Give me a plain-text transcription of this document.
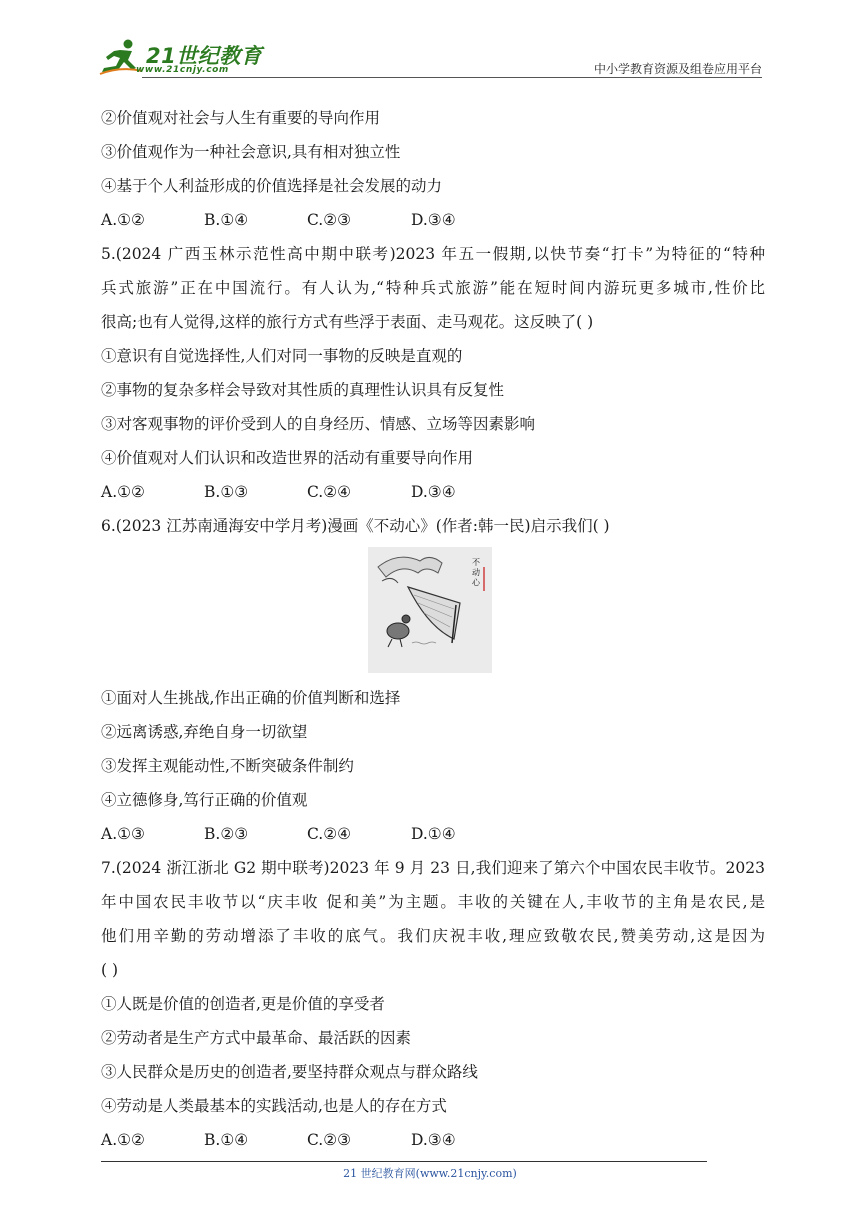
21世纪教育
www.21cnjy.com	中小学教育资源及组卷应用平台
②价值观对社会与人生有重要的导向作用
③价值观作为一种社会意识,具有相对独立性
④基于个人利益形成的价值选择是社会发展的动力
A.①②	B.①④	C.②③	D.③④
5.(2024 广西玉林示范性高中期中联考)2023 年五一假期,以快节奏“打卡”为特征的“特种
兵式旅游”正在中国流行。有人认为,“特种兵式旅游”能在短时间内游玩更多城市,性价比
很高;也有人觉得,这样的旅行方式有些浮于表面、走马观花。这反映了( )
①意识有自觉选择性,人们对同一事物的反映是直观的
②事物的复杂多样会导致对其性质的真理性认识具有反复性
③对客观事物的评价受到人的自身经历、情感、立场等因素影响
④价值观对人们认识和改造世界的活动有重要导向作用
A.①②	B.①③	C.②④	D.③④
6.(2023 江苏南通海安中学月考)漫画《不动心》(作者:韩一民)启示我们( )
不
动
心
①面对人生挑战,作出正确的价值判断和选择
②远离诱惑,弃绝自身一切欲望
③发挥主观能动性,不断突破条件制约
④立德修身,笃行正确的价值观
A.①③	B.②③	C.②④	D.①④
7.(2024 浙江浙北 G2 期中联考)2023 年 9 月 23 日,我们迎来了第六个中国农民丰收节。2023
年中国农民丰收节以“庆丰收 促和美”为主题。丰收的关键在人,丰收节的主角是农民,是
他们用辛勤的劳动增添了丰收的底气。我们庆祝丰收,理应致敬农民,赞美劳动,这是因为
( )
①人既是价值的创造者,更是价值的享受者
②劳动者是生产方式中最革命、最活跃的因素
③人民群众是历史的创造者,要坚持群众观点与群众路线
④劳动是人类最基本的实践活动,也是人的存在方式
A.①②	B.①④	C.②③	D.③④
21 世纪教育网(www.21cnjy.com)
